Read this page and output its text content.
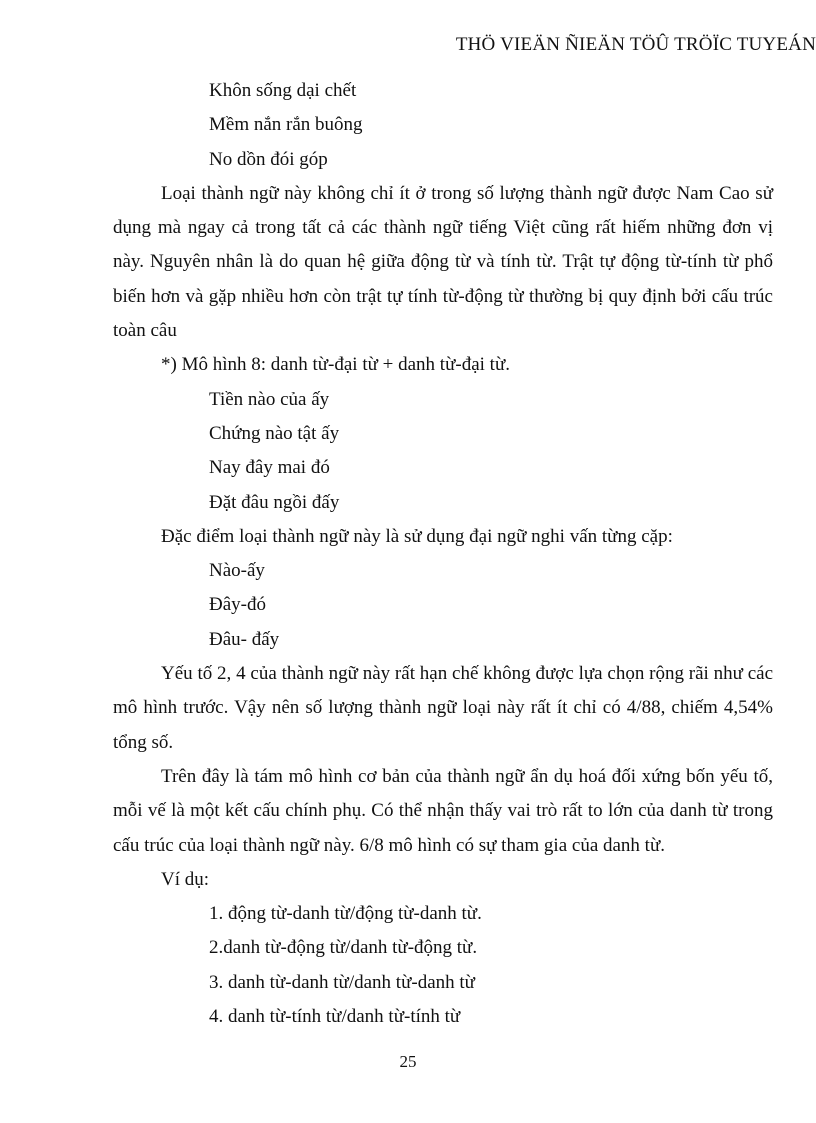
THÖ VIEÄN ÑIEÄN TÖÛ TRÖÏC TUYEÁN

Khôn sống dại chết

Mềm nắn rắn buông

No dồn đói góp

Loại thành ngữ này không chỉ ít ở trong số lượng thành ngữ được Nam Cao sử dụng mà ngay cả trong tất cả các thành ngữ tiếng Việt cũng rất hiếm những đơn vị này. Nguyên nhân là do quan hệ giữa động từ và tính từ. Trật tự động từ-tính từ phổ biến hơn và gặp nhiều hơn còn trật tự tính từ-động từ thường bị quy định bởi cấu trúc toàn câu

*) Mô hình 8: danh từ-đại từ + danh từ-đại từ.

Tiền nào của ấy

Chứng nào tật ấy

Nay đây mai đó

Đặt đâu ngồi đấy

Đặc điểm loại thành ngữ này là sử dụng đại ngữ nghi vấn từng cặp:

Nào-ấy

Đây-đó

Đâu- đấy

Yếu tố 2, 4 của thành ngữ này rất hạn chế không được lựa chọn rộng rãi như các mô hình trước. Vậy nên số lượng thành ngữ loại này rất ít chỉ có 4/88, chiếm 4,54% tổng số.

Trên đây là tám mô hình cơ bản của thành ngữ ẩn dụ hoá đối xứng bốn yếu tố, mỗi vế là một kết cấu chính phụ. Có thể nhận thấy vai trò rất to lớn của danh từ trong cấu trúc của loại thành ngữ này. 6/8 mô hình có sự tham gia của danh từ.

Ví dụ:

1. động từ-danh từ/động từ-danh từ.

2.danh từ-động từ/danh từ-động từ.

3. danh từ-danh từ/danh từ-danh từ

4. danh từ-tính từ/danh từ-tính từ

25
